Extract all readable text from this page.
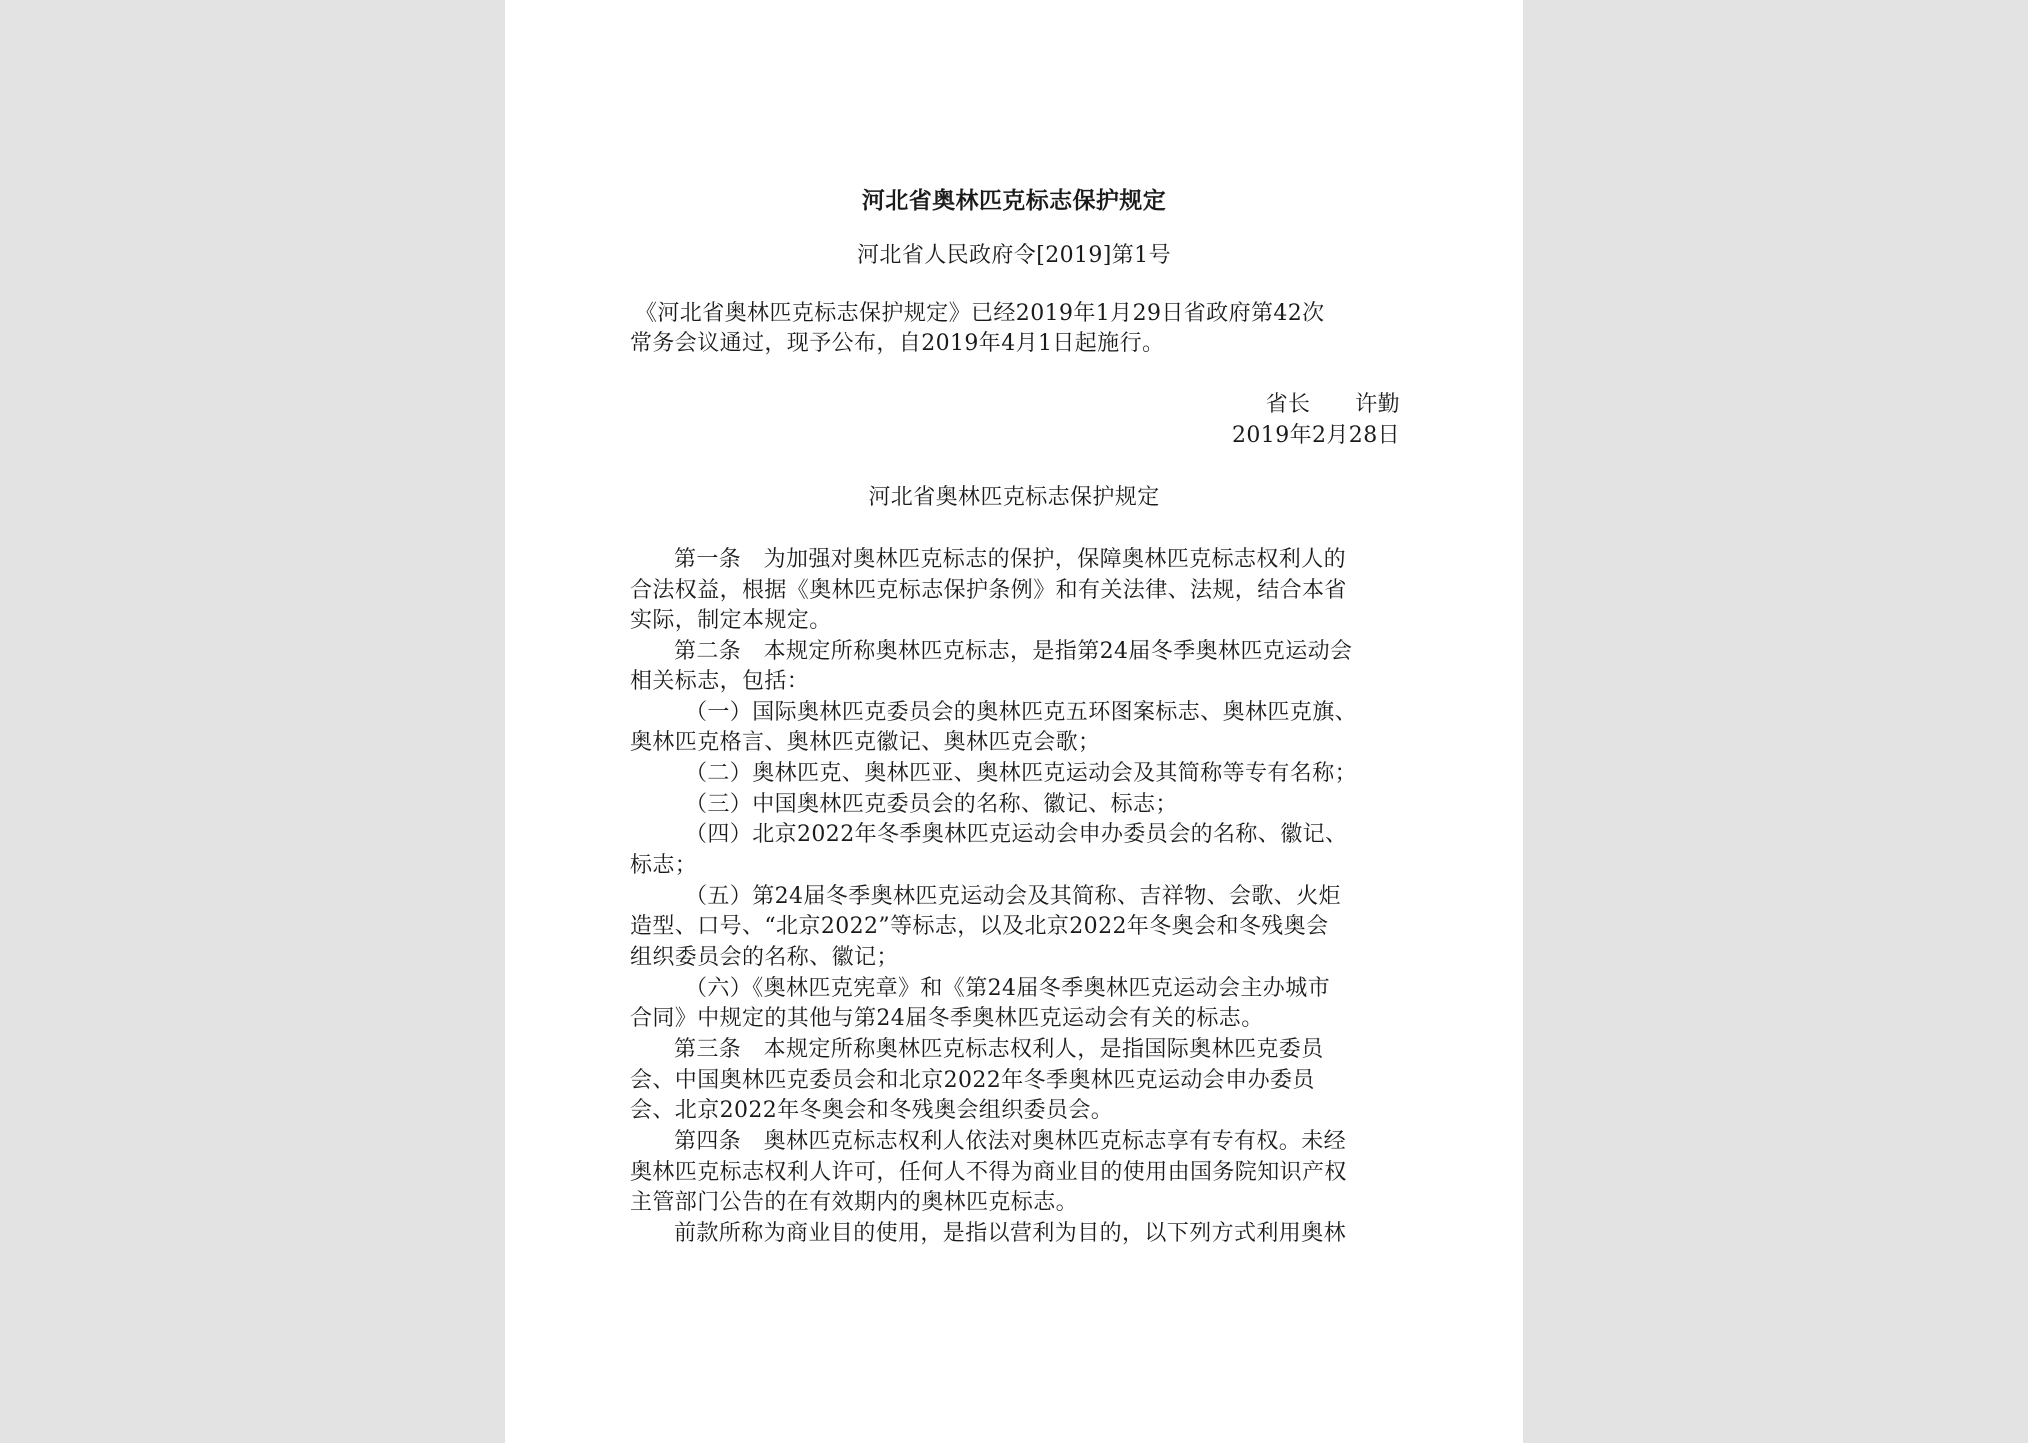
河北省奥林匹克标志保护规定
河北省人民政府令[2019]第1号
《河北省奥林匹克标志保护规定》已经2019年1月29日省政府第42次
常务会议通过，现予公布，自2019年4月1日起施行。
省长　　许勤
2019年2月28日
河北省奥林匹克标志保护规定
第一条　为加强对奥林匹克标志的保护，保障奥林匹克标志权利人的
合法权益，根据《奥林匹克标志保护条例》和有关法律、法规，结合本省
实际，制定本规定。
第二条　本规定所称奥林匹克标志，是指第24届冬季奥林匹克运动会
相关标志，包括：
（一）国际奥林匹克委员会的奥林匹克五环图案标志、奥林匹克旗、
奥林匹克格言、奥林匹克徽记、奥林匹克会歌；
（二）奥林匹克、奥林匹亚、奥林匹克运动会及其简称等专有名称；
（三）中国奥林匹克委员会的名称、徽记、标志；
（四）北京2022年冬季奥林匹克运动会申办委员会的名称、徽记、
标志；
（五）第24届冬季奥林匹克运动会及其简称、吉祥物、会歌、火炬
造型、口号、“北京2022”等标志，以及北京2022年冬奥会和冬残奥会
组织委员会的名称、徽记；
（六）《奥林匹克宪章》和《第24届冬季奥林匹克运动会主办城市
合同》中规定的其他与第24届冬季奥林匹克运动会有关的标志。
第三条　本规定所称奥林匹克标志权利人，是指国际奥林匹克委员
会、中国奥林匹克委员会和北京2022年冬季奥林匹克运动会申办委员
会、北京2022年冬奥会和冬残奥会组织委员会。
第四条　奥林匹克标志权利人依法对奥林匹克标志享有专有权。未经
奥林匹克标志权利人许可，任何人不得为商业目的使用由国务院知识产权
主管部门公告的在有效期内的奥林匹克标志。
前款所称为商业目的使用，是指以营利为目的，以下列方式利用奥林
